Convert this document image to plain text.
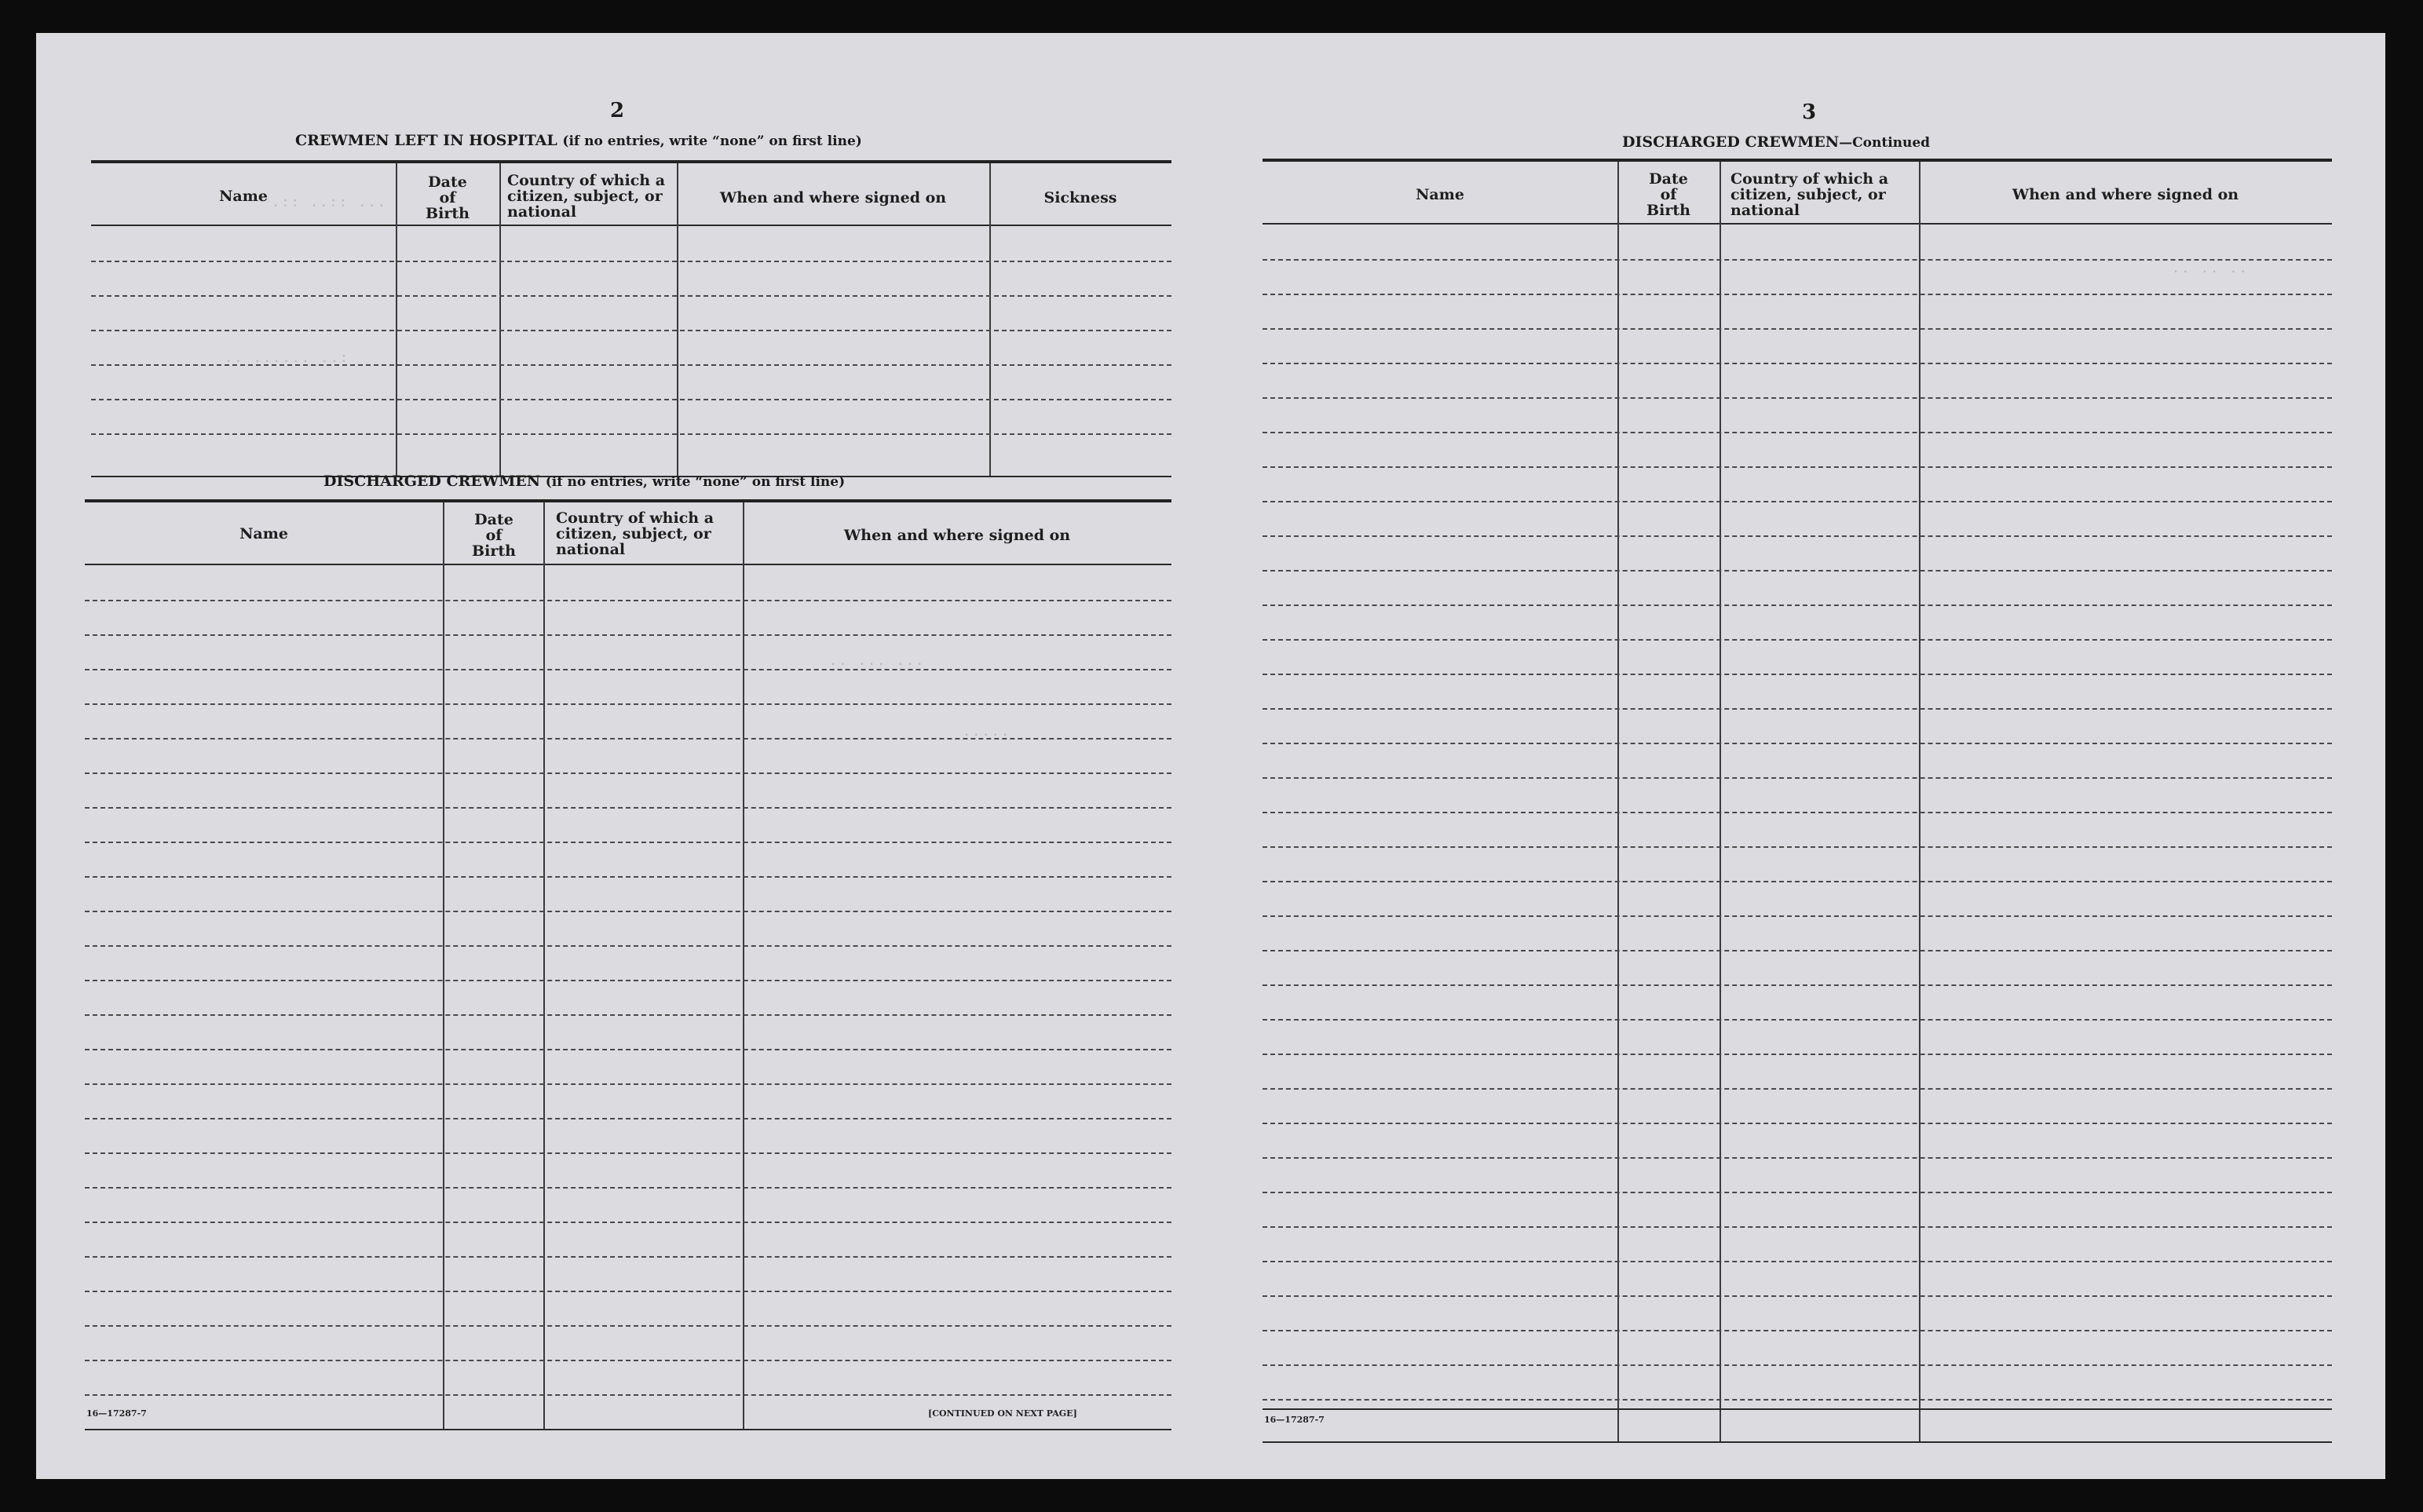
.:: ..:: ...
.. ...... ..:
.. ... ...
.....
.. .. ..
2
CREWMEN LEFT IN HOSPITAL (if no entries, write “none” on first line)
Name
Date of Birth
Country of which a citizen, subject, or national
When and where signed on	Sickness
DISCHARGED CREWMEN (if no entries, write “none” on first line)
Name
Date of Birth
Country of which a citizen, subject, or national
When and where signed on
16—17287-7	[CONTINUED ON NEXT PAGE]
3
DISCHARGED CREWMEN—Continued
Name
Date of Birth
Country of which a citizen, subject, or national
When and where signed on
16—17287-7
